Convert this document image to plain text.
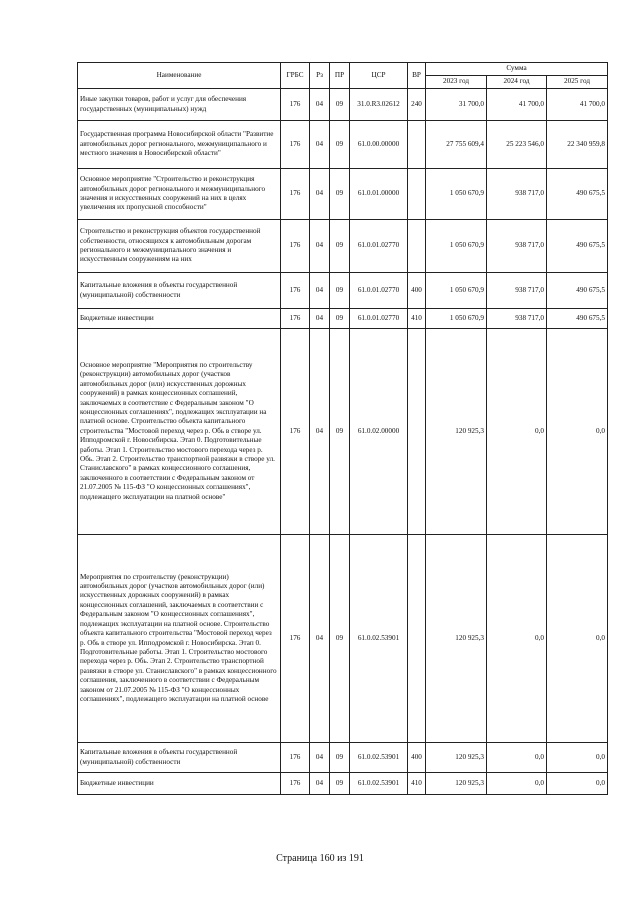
Наименование	ГРБС	Рз	ПР	ЦСР	ВР	Сумма		
						2023 год	2024 год	2025 год
Иные закупки товаров, работ и услуг для обеспечения государственных (муниципальных) нужд	176	04	09	31.0.R3.02612	240	31 700,0	41 700,0	41 700,0
Государственная программа Новосибирской области "Развитие автомобильных дорог регионального, межмуниципального и местного значения в Новосибирской области"	176	04	09	61.0.00.00000		27 755 609,4	25 223 546,0	22 340 959,8
Основное мероприятие "Строительство и реконструкция автомобильных дорог регионального и межмуниципального значения и искусственных сооружений на них в целях увеличения их пропускной способности"	176	04	09	61.0.01.00000		1 050 670,9	938 717,0	490 675,5
Строительство и реконструкция объектов государственной собственности, относящихся к автомобильным дорогам регионального и межмуниципального значения и искусственным сооружениям на них	176	04	09	61.0.01.02770		1 050 670,9	938 717,0	490 675,5
Капитальные вложения в объекты государственной (муниципальной) собственности	176	04	09	61.0.01.02770	400	1 050 670,9	938 717,0	490 675,5
Бюджетные инвестиции	176	04	09	61.0.01.02770	410	1 050 670,9	938 717,0	490 675,5
Основное мероприятие "Мероприятия по строительству (реконструкции) автомобильных дорог (участков автомобильных дорог (или) искусственных дорожных сооружений) в рамках концессионных соглашений, заключаемых в соответствие с Федеральным законом "О концессионных соглашениях", подлежащих эксплуатации на платной основе. Строительство объекта капитального строительства "Мостовой переход через р. Обь в створе ул. Ипподромской г. Новосибирска. Этап 0. Подготовительные работы. Этап 1. Строительство мостового перехода через р. Обь. Этап 2. Строительство транспортной развязки в створе ул. Станиславского" в рамках концессионного соглашения, заключенного в соответствии с Федеральным законом от 21.07.2005 № 115-ФЗ "О концессионных соглашениях", подлежащего эксплуатации на платной основе"	176	04	09	61.0.02.00000		120 925,3	0,0	0,0
Мероприятия по строительству (реконструкции) автомобильных дорог (участков автомобильных дорог (или) искусственных дорожных сооружений) в рамках концессионных соглашений, заключаемых в соответствии с Федеральным законом "О концессионных соглашениях", подлежащих эксплуатации на платной основе. Строительство объекта капитального строительства "Мостовой переход через р. Обь в створе ул. Ипподромской г. Новосибирска. Этап 0. Подготовительные работы. Этап 1. Строительство мостового перехода через р. Обь. Этап 2. Строительство транспортной развязки в створе ул. Станиславского" в рамках концессионного соглашения, заключенного в соответствии с Федеральным законом от 21.07.2005 № 115-ФЗ "О концессионных соглашениях", подлежащего эксплуатации на платной основе	176	04	09	61.0.02.53901		120 925,3	0,0	0,0
Капитальные вложения в объекты государственной (муниципальной) собственности	176	04	09	61.0.02.53901	400	120 925,3	0,0	0,0
Бюджетные инвестиции	176	04	09	61.0.02.53901	410	120 925,3	0,0	0,0
Страница 160 из 191
